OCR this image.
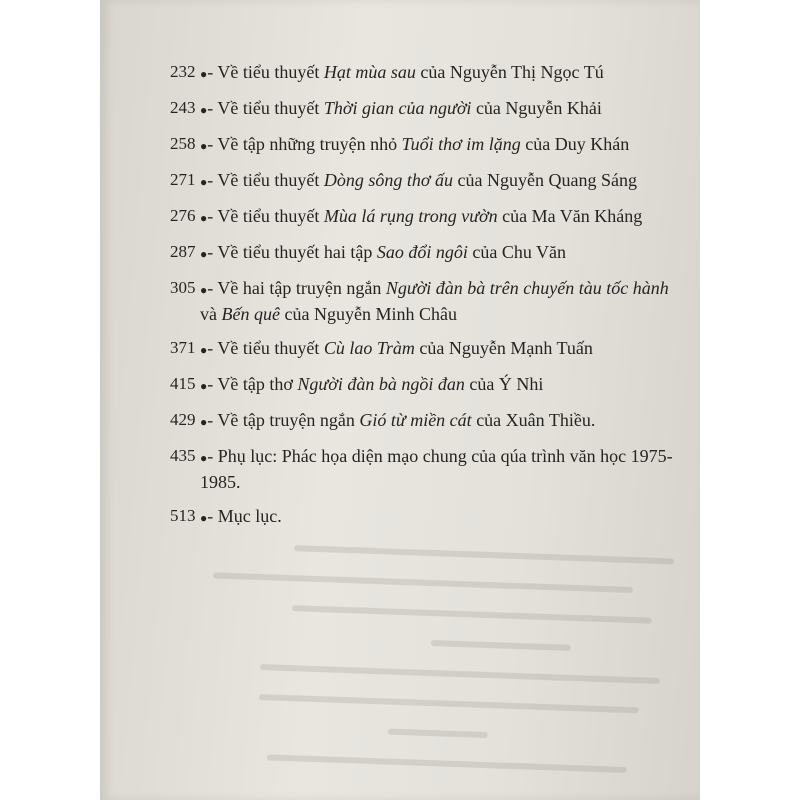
232 ●- Về tiểu thuyết Hạt mùa sau của Nguyễn Thị Ngọc Tú
243 ●- Về tiểu thuyết Thời gian của người của Nguyễn Khải
258 ●- Về tập những truyện nhỏ Tuổi thơ im lặng của Duy Khán
271 ●- Về tiểu thuyết Dòng sông thơ ấu của Nguyễn Quang Sáng
276 ●- Về tiểu thuyết Mùa lá rụng trong vườn của Ma Văn Kháng
287 ●- Về tiểu thuyết hai tập Sao đổi ngôi của Chu Văn
305 ●- Về hai tập truyện ngắn Người đàn bà trên chuyến tàu tốc hành và Bến quê của Nguyễn Minh Châu
371 ●- Về tiểu thuyết Cù lao Tràm của Nguyễn Mạnh Tuấn
415 ●- Về tập thơ Người đàn bà ngồi đan của Ý Nhi
429 ●- Về tập truyện ngắn Gió từ miền cát của Xuân Thiều.
435 ●- Phụ lục: Phác họa diện mạo chung của qúa trình văn học 1975-1985.
513 ●- Mục lục.
